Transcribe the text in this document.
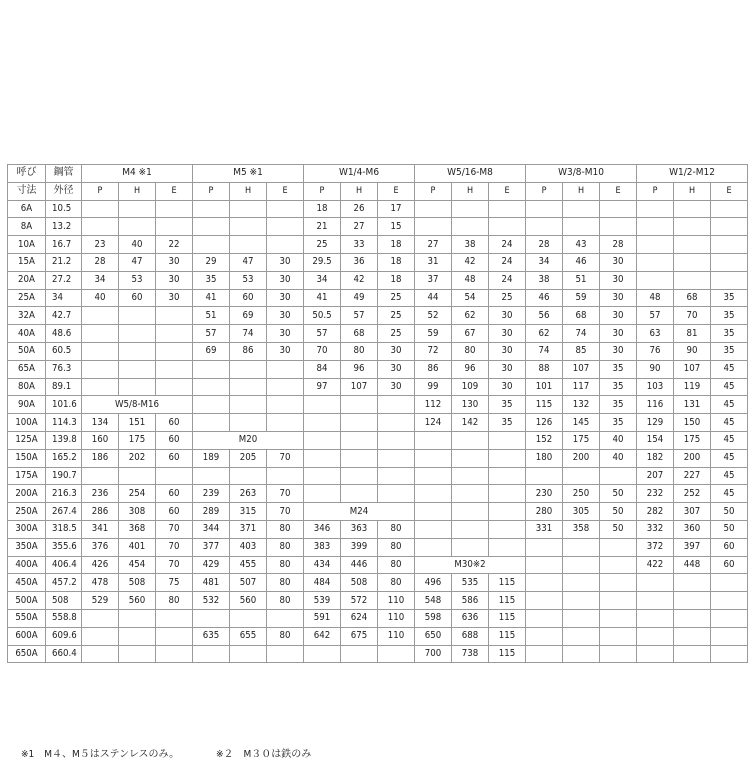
呼び	鋼管	M4 ※1			M5 ※1			W1/4-M6			W5/16-M8			W3/8-M10			W1/2-M12		
寸法	外径	P	H	E	P	H	E	P	H	E	P	H	E	P	H	E	P	H	E
6A	10.5							18	26	17									
8A	13.2							21	27	15									
10A	16.7	23	40	22				25	33	18	27	38	24	28	43	28			
15A	21.2	28	47	30	29	47	30	29.5	36	18	31	42	24	34	46	30			
20A	27.2	34	53	30	35	53	30	34	42	18	37	48	24	38	51	30			
25A	34	40	60	30	41	60	30	41	49	25	44	54	25	46	59	30	48	68	35
32A	42.7				51	69	30	50.5	57	25	52	62	30	56	68	30	57	70	35
40A	48.6				57	74	30	57	68	25	59	67	30	62	74	30	63	81	35
50A	60.5				69	86	30	70	80	30	72	80	30	74	85	30	76	90	35
65A	76.3							84	96	30	86	96	30	88	107	35	90	107	45
80A	89.1							97	107	30	99	109	30	101	117	35	103	119	45
90A	101.6	W5/8-M16									112	130	35	115	132	35	116	131	45
100A	114.3	134	151	60							124	142	35	126	145	35	129	150	45
125A	139.8	160	175	60	M20									152	175	40	154	175	45
150A	165.2	186	202	60	189	205	70							180	200	40	182	200	45
175A	190.7																207	227	45
200A	216.3	236	254	60	239	263	70							230	250	50	232	252	45
250A	267.4	286	308	60	289	315	70	M24						280	305	50	282	307	50
300A	318.5	341	368	70	344	371	80	346	363	80				331	358	50	332	360	50
350A	355.6	376	401	70	377	403	80	383	399	80							372	397	60
400A	406.4	426	454	70	429	455	80	434	446	80	M30※2						422	448	60
450A	457.2	478	508	75	481	507	80	484	508	80	496	535	115						
500A	508	529	560	80	532	560	80	539	572	110	548	586	115						
550A	558.8							591	624	110	598	636	115						
600A	609.6				635	655	80	642	675	110	650	688	115						
650A	660.4										700	738	115						
※1　M４、M５はステンレスのみ。	※２　M３０は鉄のみ
